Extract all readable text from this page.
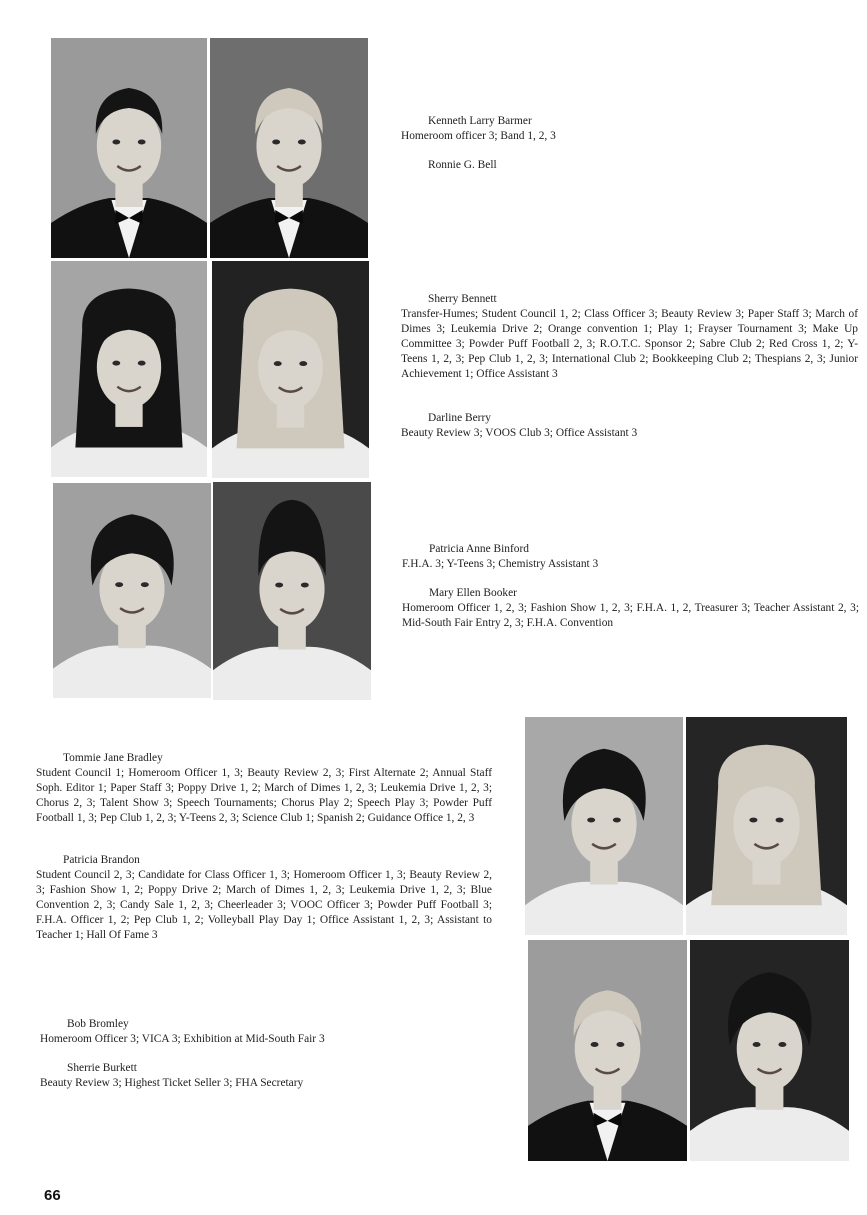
Kenneth Larry Barmer
Homeroom officer 3; Band 1, 2, 3
Ronnie G. Bell
Sherry Bennett
Transfer-Humes; Student Council 1, 2; Class Officer 3; Beauty Review 3; Paper Staff 3; March of Dimes 3; Leukemia Drive 2; Orange convention 1; Play 1; Frayser Tournament 3; Make Up Committee 3; Powder Puff Football 2, 3; R.O.T.C. Sponsor 2; Sabre Club 2; Red Cross 1, 2; Y-Teens 1, 2, 3; Pep Club 1, 2, 3; International Club 2; Bookkeeping Club 2; Thespians 2, 3; Junior Achievement 1; Office Assistant 3
Darline Berry
Beauty Review 3; VOOS Club 3; Office Assistant 3
Patricia Anne Binford
F.H.A. 3; Y-Teens 3; Chemistry Assistant 3
Mary Ellen Booker
Homeroom Officer 1, 2, 3; Fashion Show 1, 2, 3; F.H.A. 1, 2, Treasurer 3; Teacher Assistant 2, 3; Mid-South Fair Entry 2, 3; F.H.A. Convention
Tommie Jane Bradley
Student Council 1; Homeroom Officer 1, 3; Beauty Review 2, 3; First Alternate 2; Annual Staff Soph. Editor 1; Paper Staff 3; Poppy Drive 1, 2; March of Dimes 1, 2, 3; Leukemia Drive 1, 2, 3; Chorus 2, 3; Talent Show 3; Speech Tournaments; Chorus Play 2; Speech Play 3; Powder Puff Football 1, 3; Pep Club 1, 2, 3; Y-Teens 2, 3; Science Club 1; Spanish 2; Guidance Office 1, 2, 3
Patricia Brandon
Student Council 2, 3; Candidate for Class Officer 1, 3; Homeroom Officer 1, 3; Beauty Review 2, 3; Fashion Show 1, 2; Poppy Drive 2; March of Dimes 1, 2, 3; Leukemia Drive 1, 2, 3; Blue Convention 2, 3; Candy Sale 1, 2, 3; Cheerleader 3; VOOC Officer 3; Powder Puff Football 3; F.H.A. Officer 1, 2; Pep Club 1, 2; Volleyball Play Day 1; Office Assistant 1, 2, 3; Assistant to Teacher 1; Hall Of Fame 3
Bob Bromley
Homeroom Officer 3; VICA 3; Exhibition at Mid-South Fair 3
Sherrie Burkett
Beauty Review 3; Highest Ticket Seller 3; FHA Secretary
66
